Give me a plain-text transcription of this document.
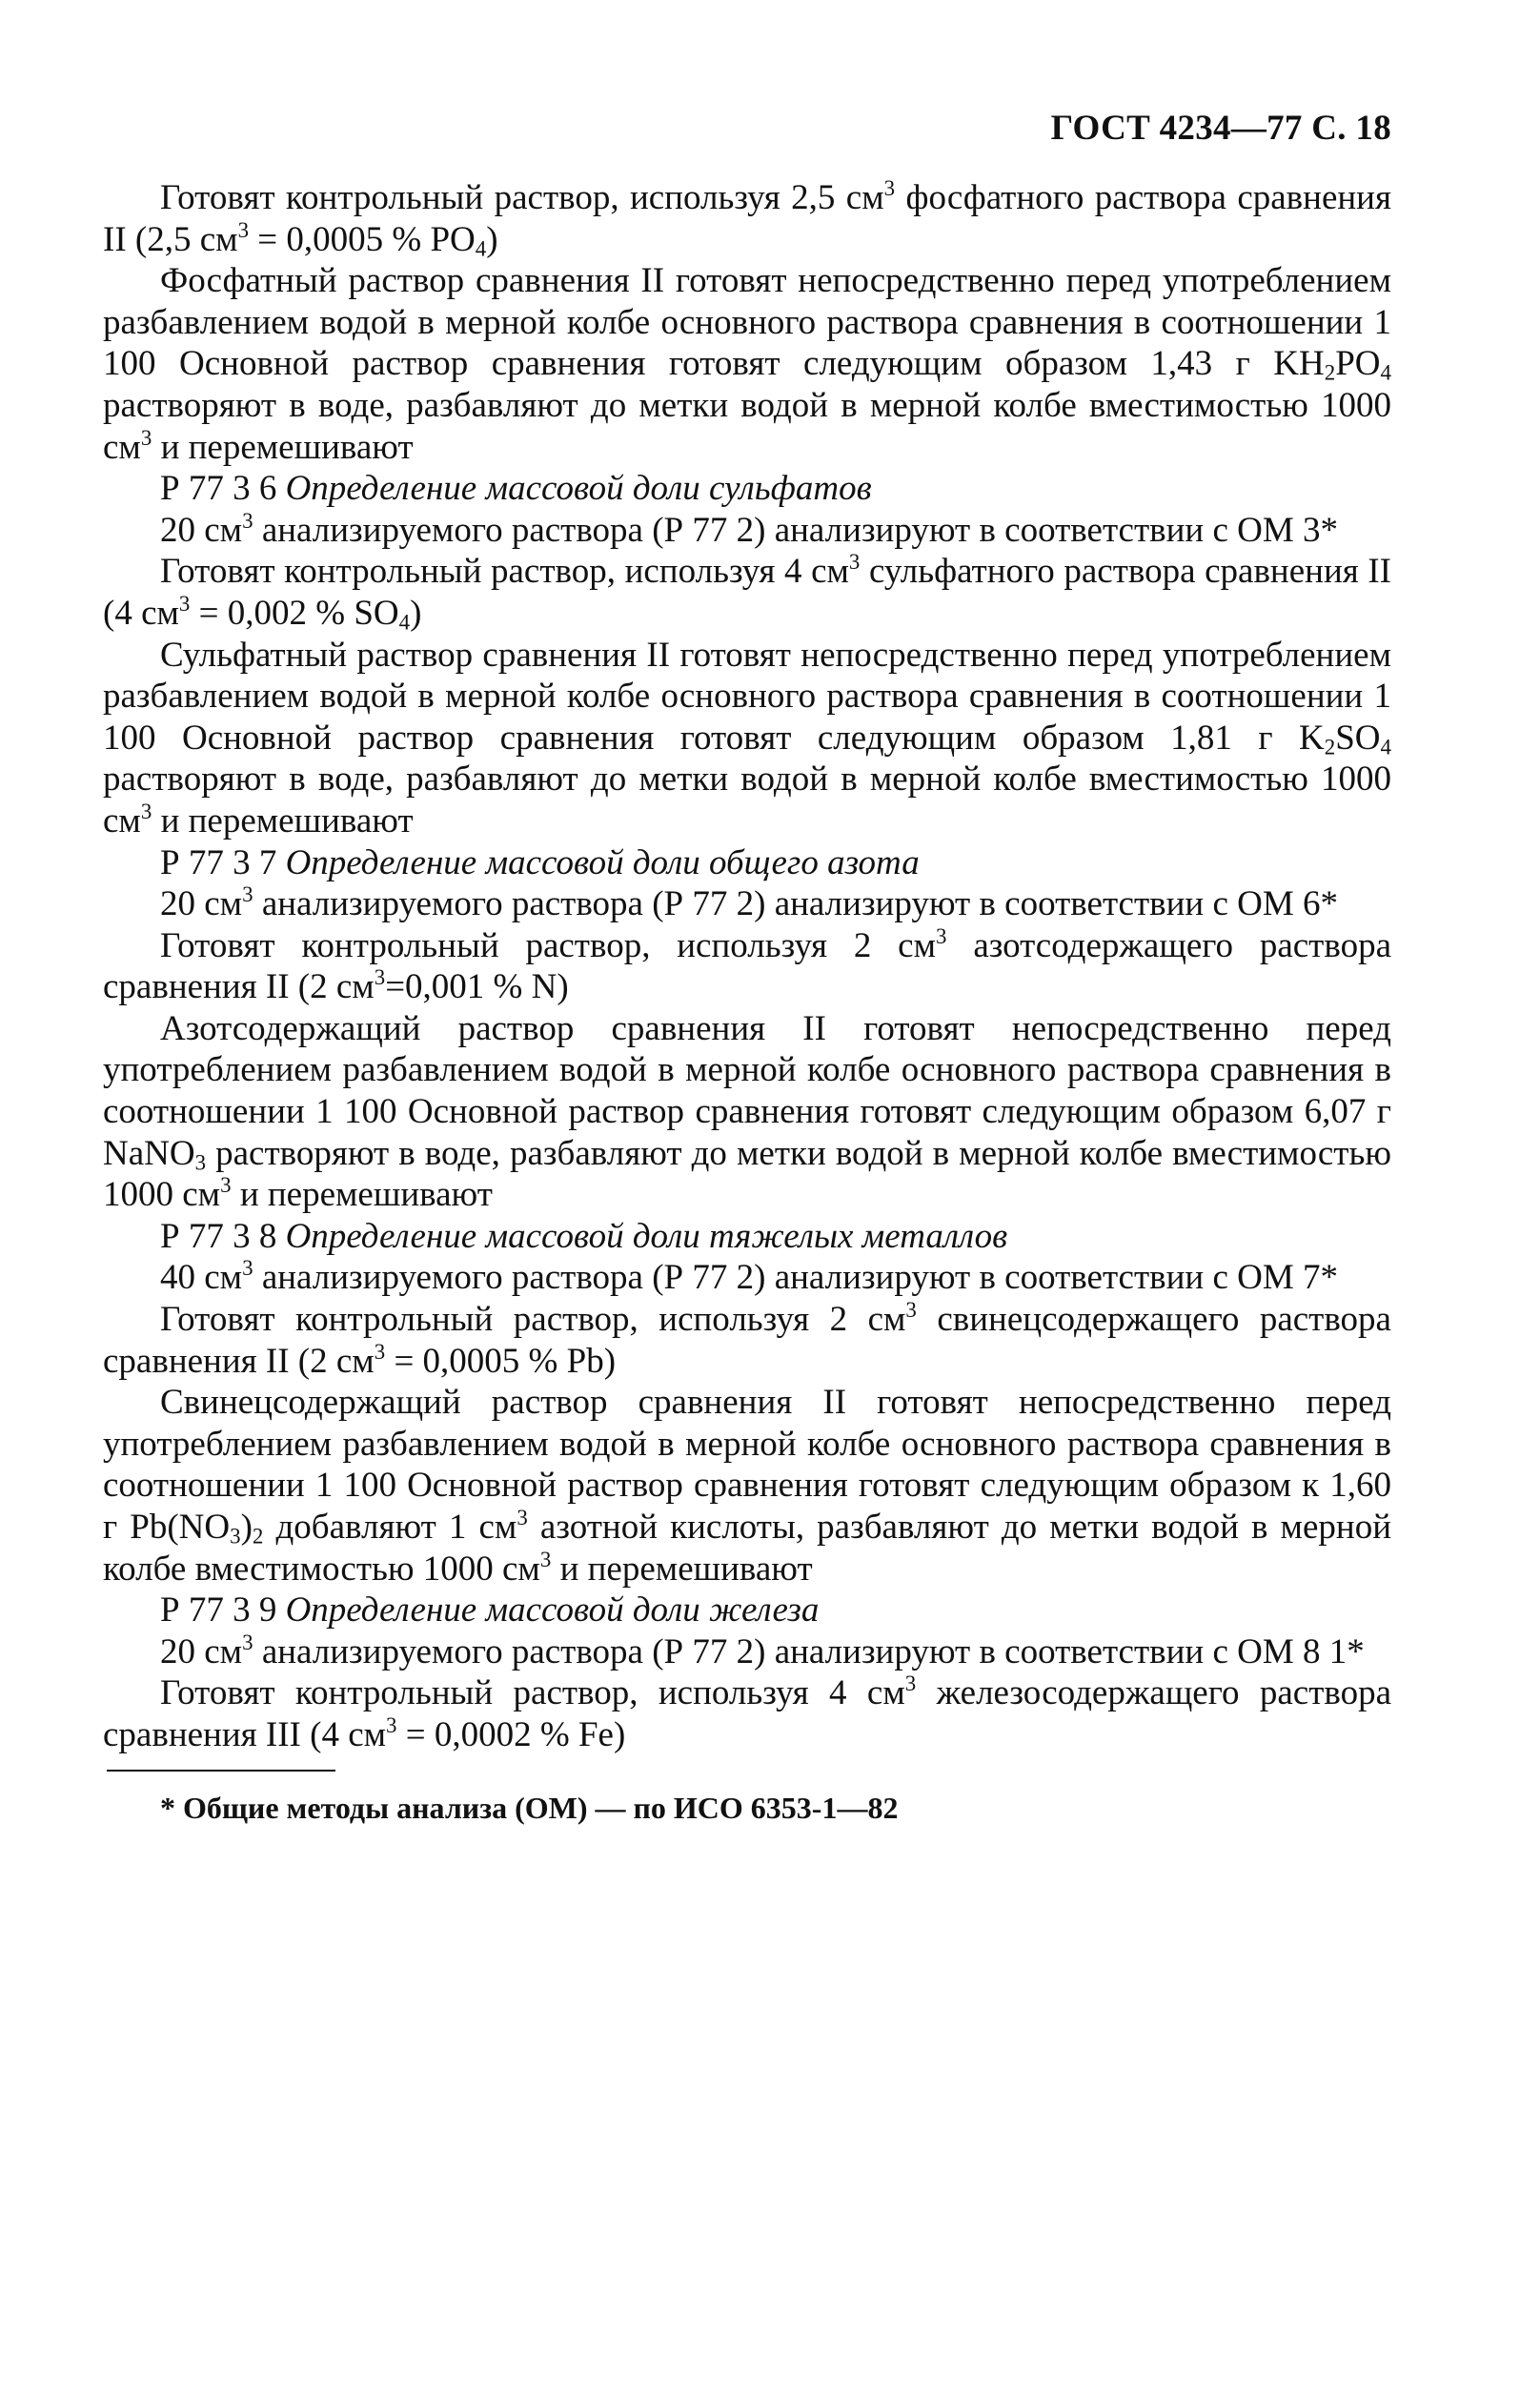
ГОСТ 4234—77 С. 18

Готовят контрольный раствор, используя 2,5 $см^3$ фосфатного раствора сравнения II (2,5 $см^3 = 0,0005$ % $PO_4$)

Фосфатный раствор сравнения II готовят непосредственно перед употреблением разбавлением водой в мерной колбе основного раствора сравнения в соотношении 1 100 Основной раствор сравнения готовят следующим образом 1,43 г $KH_2PO_4$ растворяют в воде, разбавляют до метки водой в мерной колбе вместимостью 1000 $см^3$ и перемешивают

Р 77 3 6 Определение массовой доли сульфатов

20 $см^3$ анализируемого раствора (Р 77 2) анализируют в соответствии с ОМ 3*

Готовят контрольный раствор, используя 4 $см^3$ сульфатного раствора сравнения II (4 $см^3 = 0,002$ % $SO_4$)

Сульфатный раствор сравнения II готовят непосредственно перед употреблением разбавлением водой в мерной колбе основного раствора сравнения в соотношении 1 100 Основной раствор сравнения готовят следующим образом 1,81 г $K_2SO_4$ растворяют в воде, разбавляют до метки водой в мерной колбе вместимостью 1000 $см^3$ и перемешивают

Р 77 3 7 Определение массовой доли общего азота

20 $см^3$ анализируемого раствора (Р 77 2) анализируют в соответствии с ОМ 6*

Готовят контрольный раствор, используя 2 $см^3$ азотсодержащего раствора сравнения II (2 $см^3=0,001$ % N)

Азотсодержащий раствор сравнения II готовят непосредственно перед употреблением разбавлением водой в мерной колбе основного раствора сравнения в соотношении 1 100 Основной раствор сравнения готовят следующим образом 6,07 г NaNO$_3$ растворяют в воде, разбавляют до метки водой в мерной колбе вместимостью 1000 $см^3$ и перемешивают

Р 77 3 8 Определение массовой доли тяжелых металлов

40 $см^3$ анализируемого раствора (Р 77 2) анализируют в соответствии с ОМ 7*

Готовят контрольный раствор, используя 2 $см^3$ свинецсодержащего раствора сравнения II (2 $см^3 = 0,0005$ % Pb)

Свинецсодержащий раствор сравнения II готовят непосредственно перед употреблением разбавлением водой в мерной колбе основного раствора сравнения в соотношении 1 100 Основной раствор сравнения готовят следующим образом к 1,60 г $Pb(NO_3)_2$ добавляют 1 $см^3$ азотной кислоты, разбавляют до метки водой в мерной колбе вместимостью 1000 $см^3$ и перемешивают

Р 77 3 9 Определение массовой доли железа

20 $см^3$ анализируемого раствора (Р 77 2) анализируют в соответствии с ОМ 8 1*

Готовят контрольный раствор, используя 4 $см^3$ железосодержащего раствора сравнения III (4 $см^3 = 0,0002$ % Fe)

* Общие методы анализа (ОМ) — по ИСО 6353-1—82
